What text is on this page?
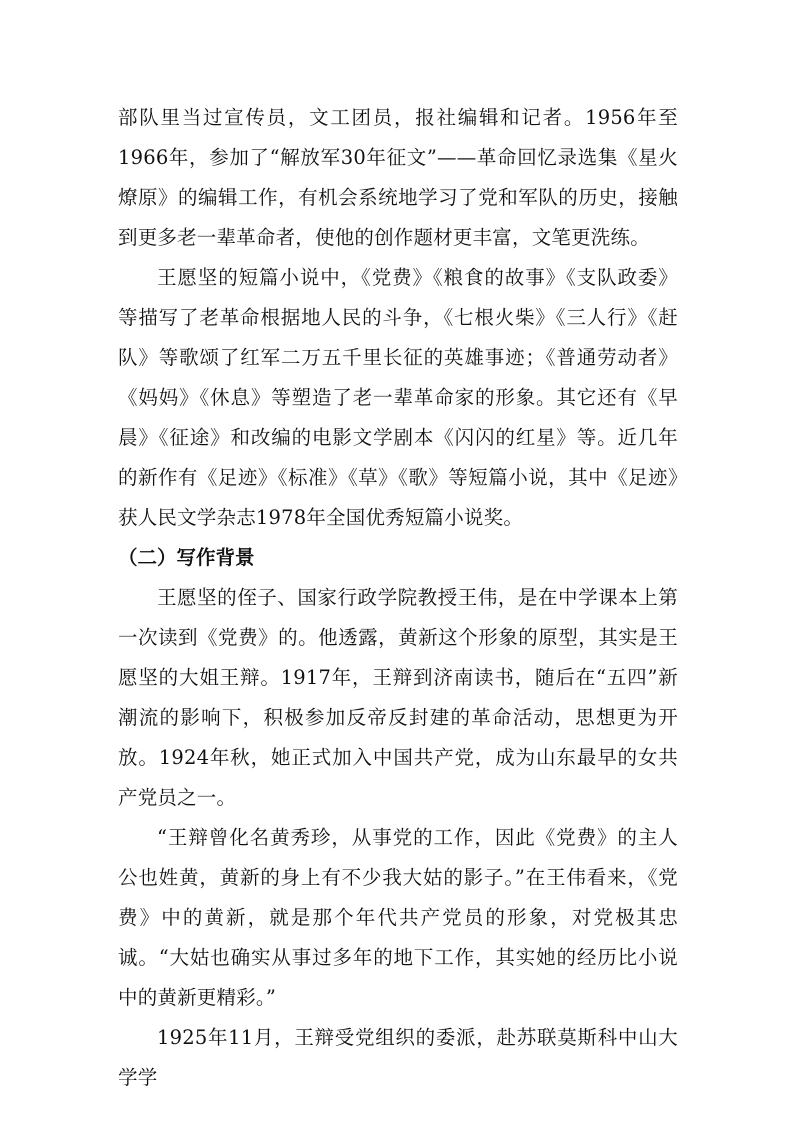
部队里当过宣传员，文工团员，报社编辑和记者。1956年至1966年，参加了“解放军30年征文”——革命回忆录选集《星火燎原》的编辑工作，有机会系统地学习了党和军队的历史，接触到更多老一辈革命者，使他的创作题材更丰富，文笔更洗练。

王愿坚的短篇小说中，《党费》《粮食的故事》《支队政委》等描写了老革命根据地人民的斗争，《七根火柴》《三人行》《赶队》等歌颂了红军二万五千里长征的英雄事迹；《普通劳动者》《妈妈》《休息》等塑造了老一辈革命家的形象。其它还有《早晨》《征途》和改编的电影文学剧本《闪闪的红星》等。近几年的新作有《足迹》《标准》《草》《歌》等短篇小说，其中《足迹》获人民文学杂志1978年全国优秀短篇小说奖。

（二）写作背景

王愿坚的侄子、国家行政学院教授王伟，是在中学课本上第一次读到《党费》的。他透露，黄新这个形象的原型，其实是王愿坚的大姐王辩。1917年，王辩到济南读书，随后在“五四”新潮流的影响下，积极参加反帝反封建的革命活动，思想更为开放。1924年秋，她正式加入中国共产党，成为山东最早的女共产党员之一。

“王辩曾化名黄秀珍，从事党的工作，因此《党费》的主人公也姓黄，黄新的身上有不少我大姑的影子。”在王伟看来，《党费》中的黄新，就是那个年代共产党员的形象，对党极其忠诚。“大姑也确实从事过多年的地下工作，其实她的经历比小说中的黄新更精彩。”

1925年11月，王辩受党组织的委派，赴苏联莫斯科中山大学学
